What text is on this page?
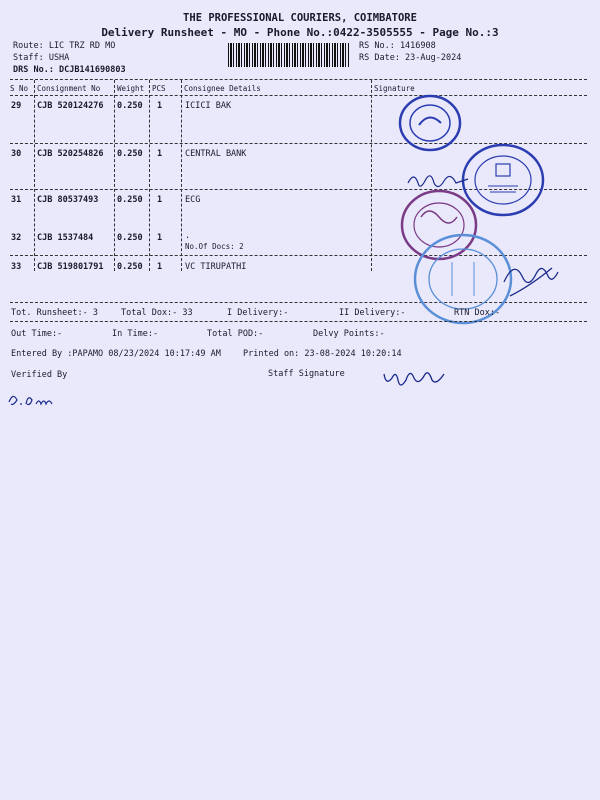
THE PROFESSIONAL COURIERS, COIMBATORE
Delivery Runsheet - MO - Phone No.:0422-3505555 - Page No.:3
Route: LIC TRZ RD MO
Staff: USHA
DRS No.: DCJB141690803
RS No.: 1416908
RS Date: 23-Aug-2024
S No Consignment No Weight PCS Consignee Details	Signature
29 CJB 520124276 0.250 1	ICICI BAK
30 CJB 520254826 0.250 1	CENTRAL BANK
31 CJB 80537493 0.250 1	ECG
32 CJB 1537484	0.250 1	.
No.Of Docs: 2
33 CJB 519801791 0.250 1	VC TIRUPATHI
Tot. Runsheet:- 3	Total Dox:- 33	I Delivery:-	II Delivery:-	RTN Dox:-
Out Time:-	In Time:-	Total POD:-	Delvy Points:-
Entered By :PAPAMO 08/23/2024 10:17:49 AM	Printed on: 23-08-2024 10:20:14
Verified By	Staff Signature
